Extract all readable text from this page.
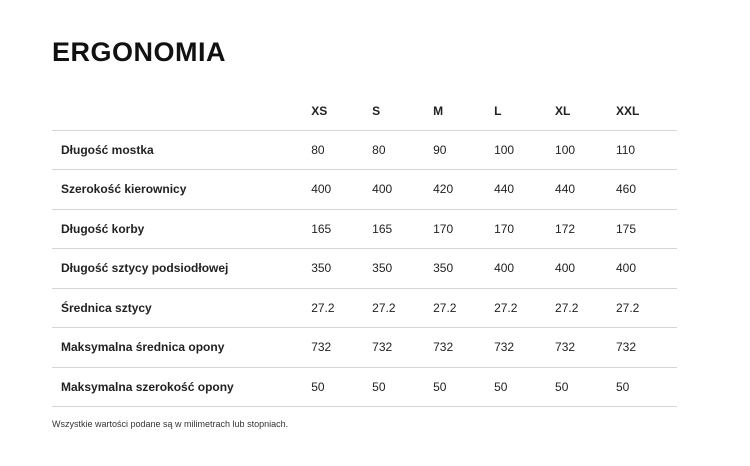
ERGONOMIA
	XS	S	M	L	XL	XXL
Długość mostka	80	80	90	100	100	110
Szerokość kierownicy	400	400	420	440	440	460
Długość korby	165	165	170	170	172	175
Długość sztycy podsiodłowej	350	350	350	400	400	400
Średnica sztycy	27.2	27.2	27.2	27.2	27.2	27.2
Maksymalna średnica opony	732	732	732	732	732	732
Maksymalna szerokość opony	50	50	50	50	50	50
Wszystkie wartości podane są w milimetrach lub stopniach.
